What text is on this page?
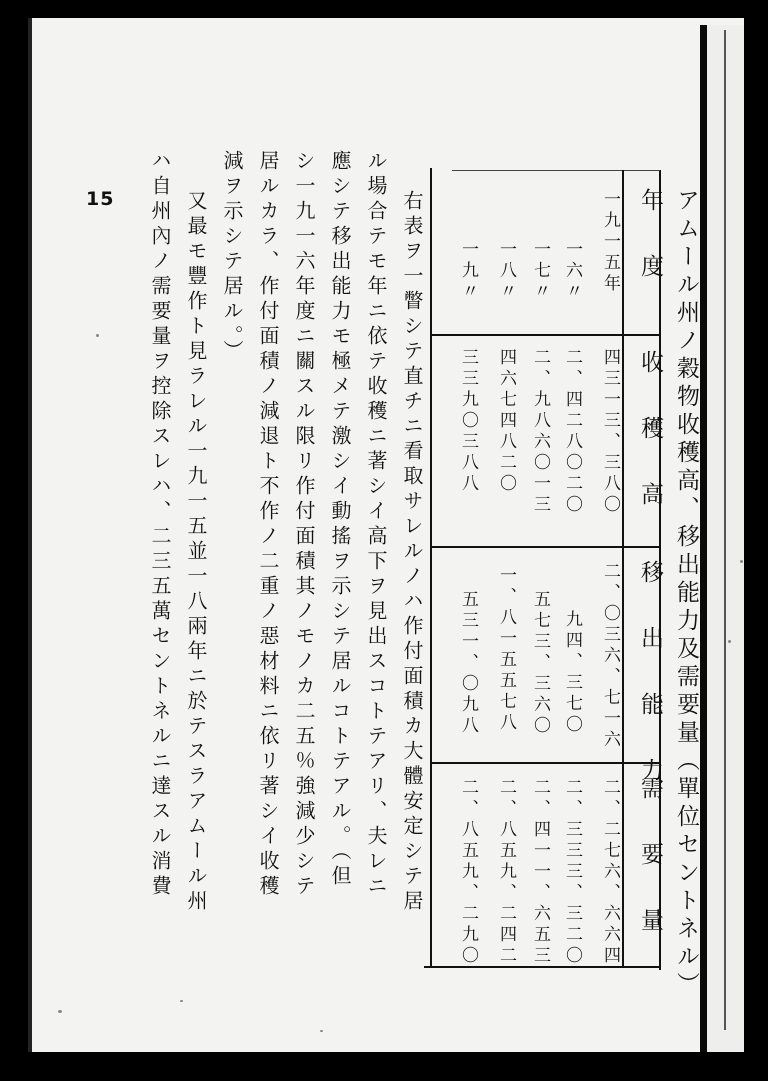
15	アムール州ノ穀物收穫高、移出能力及需要量（單位セントネル）
年　度
收　穫　高
移　出　能　力
需　要　量
一九一五年
四三一三、三八〇
二、〇三六、七一六
二、二七六、六六四
一六〃
二、四二八〇二〇
九四、三七〇
二、三三三、三二〇
一七〃
二、九八六〇一三
五七三、三六〇
二、四一一、六五三
一八〃
四六七四八二〇
一、八一五五七八
二、八五九、二四二
一九〃
三三九〇三八八
五三一、〇九八
二、八五九、二九〇
右表ヲ一瞥シテ直チニ看取サレルノハ作付面積カ大體安定シテ居
ル場合テモ年ニ依テ收穫ニ著シイ高下ヲ見出スコトテアリ、夫レニ
應シテ移出能力モ極メテ激シイ動搖ヲ示シテ居ルコトテアル。（但
シ一九一六年度ニ關スル限リ作付面積其ノモノカ二五％強減少シテ
居ルカラ、作付面積ノ減退ト不作ノ二重ノ惡材料ニ依リ著シイ收穫
減ヲ示シテ居ル。）
又最モ豐作ト見ラレル一九一五並一八兩年ニ於テスラアムール州
ハ自州內ノ需要量ヲ控除スレハ、二三五萬セントネルニ達スル消費
